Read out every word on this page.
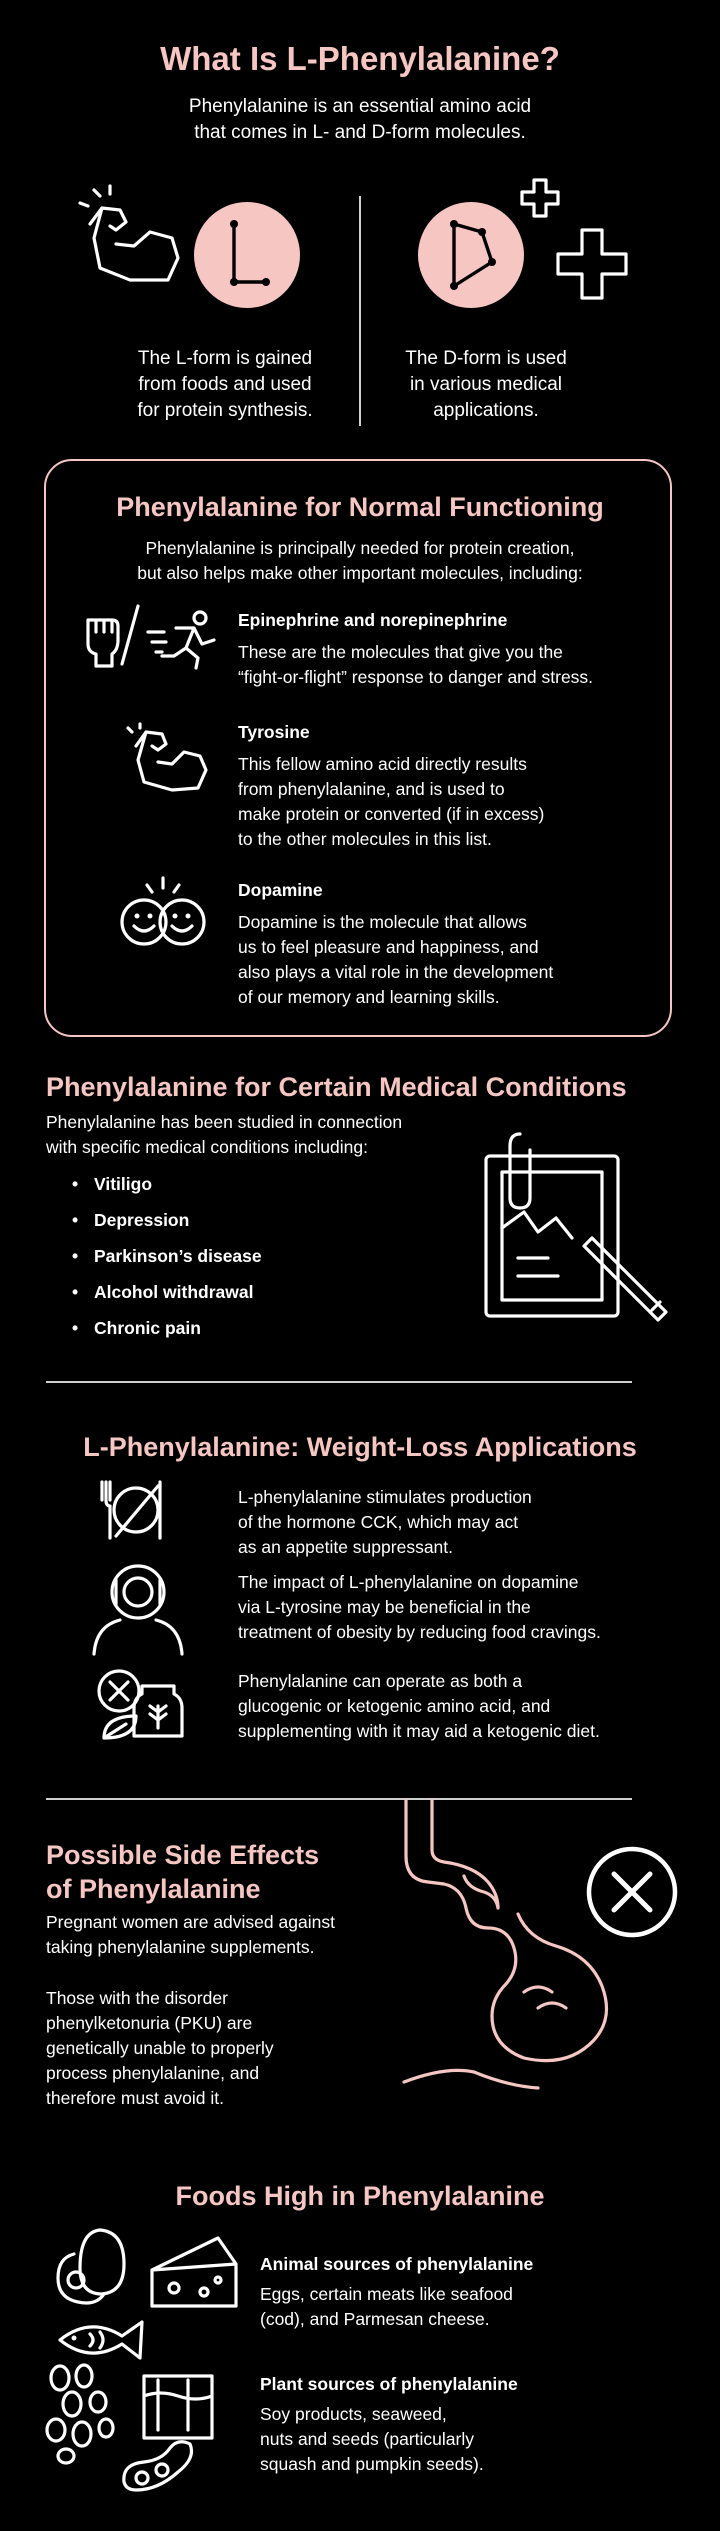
What Is L-Phenylalanine?
Phenylalanine is an essential amino acid
that comes in L- and D-form molecules.
The L-form is gained
from foods and used
for protein synthesis.
The D-form is used
in various medical
applications.
Phenylalanine for Normal Functioning
Phenylalanine is principally needed for protein creation,
but also helps make other important molecules, including:
Epinephrine and norepinephrine
These are the molecules that give you the
“fight-or-flight” response to danger and stress.
Tyrosine
This fellow amino acid directly results
from phenylalanine, and is used to
make protein or converted (if in excess)
to the other molecules in this list.
Dopamine
Dopamine is the molecule that allows
us to feel pleasure and happiness, and
also plays a vital role in the development
of our memory and learning skills.
Phenylalanine for Certain Medical Conditions
Phenylalanine has been studied in connection
with specific medical conditions including:
• Vitiligo
• Depression
• Parkinson’s disease
• Alcohol withdrawal
• Chronic pain
L-Phenylalanine: Weight-Loss Applications
L-phenylalanine stimulates production
of the hormone CCK, which may act
as an appetite suppressant.
The impact of L-phenylalanine on dopamine
via L-tyrosine may be beneficial in the
treatment of obesity by reducing food cravings.
Phenylalanine can operate as both a
glucogenic or ketogenic amino acid, and
supplementing with it may aid a ketogenic diet.
Possible Side Effects
of Phenylalanine
Pregnant women are advised against
taking phenylalanine supplements.
Those with the disorder
phenylketonuria (PKU) are
genetically unable to properly
process phenylalanine, and
therefore must avoid it.
Foods High in Phenylalanine
Animal sources of phenylalanine
Eggs, certain meats like seafood
(cod), and Parmesan cheese.
Plant sources of phenylalanine
Soy products, seaweed,
nuts and seeds (particularly
squash and pumpkin seeds).
